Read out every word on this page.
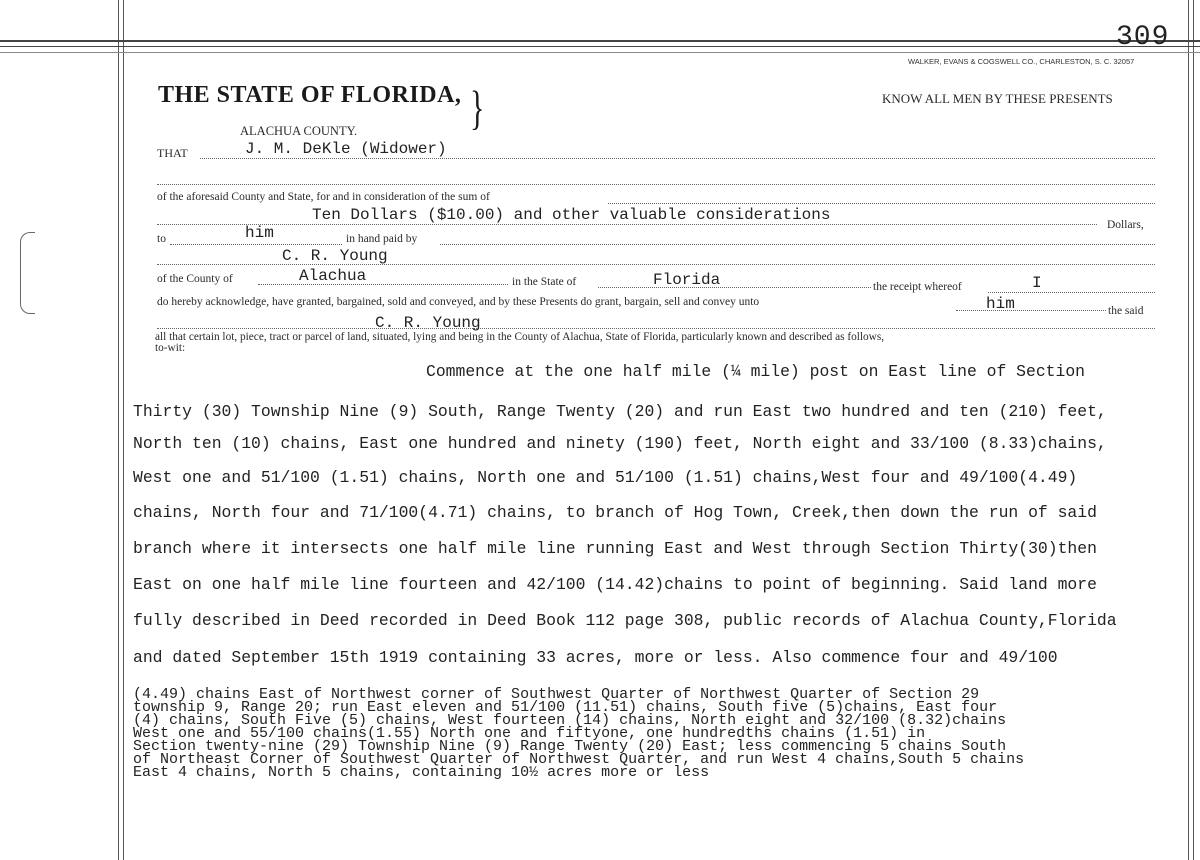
309
WALKER, EVANS & COGSWELL CO., CHARLESTON, S. C. 32057
THE STATE OF FLORIDA, }	KNOW ALL MEN BY THESE PRESENTS
ALACHUA COUNTY.
THAT	J. M. DeKle (Widower)
of the aforesaid County and State, for and in consideration of the sum of
Ten Dollars ($10.00) and other valuable considerations
Dollars,
to	him	in hand paid by
C. R. Young
of the County of	Alachua	in the State of	Florida	the receipt whereof	I
do hereby acknowledge, have granted, bargained, sold and conveyed, and by these Presents do grant, bargain, sell and convey unto	him	the said
C. R. Young
all that certain lot, piece, tract or parcel of land, situated, lying and being in the County of Alachua, State of Florida, particularly known and described as follows,
to-wit:
Commence at the one half mile (¼ mile) post on East line of Section
Thirty (30) Township Nine (9) South, Range Twenty (20) and run East two hundred and ten (210) feet,
North ten (10) chains, East one hundred and ninety (190) feet, North eight and 33/100 (8.33)chains,
West one and 51/100 (1.51) chains, North one and 51/100 (1.51) chains,West four and 49/100(4.49)
chains, North four and 71/100(4.71) chains, to branch of Hog Town, Creek,then down the run of said
branch where it intersects one half mile line running East and West through Section Thirty(30)then
East on one half mile line fourteen and 42/100 (14.42)chains to point of beginning. Said land more
fully described in Deed recorded in Deed Book 112 page 308, public records of Alachua County,Florida
and dated September 15th 1919 containing 33 acres, more or less. Also commence four and 49/100
(4.49) chains East of Northwest corner of Southwest Quarter of Northwest Quarter of Section 29
township 9, Range 20; run East eleven and 51/100 (11.51) chains, South five (5)chains, East four
(4) chains, South Five (5) chains, West fourteen (14) chains, North eight and 32/100 (8.32)chains
West one and 55/100 chains(1.55) North one and fiftyone, one hundredths chains (1.51) in
Section twenty-nine (29) Township Nine (9) Range Twenty (20) East; less commencing 5 chains South
of Northeast Corner of Southwest Quarter of Northwest Quarter, and run West 4 chains,South 5 chains
East 4 chains, North 5 chains, containing 10½ acres more or less
